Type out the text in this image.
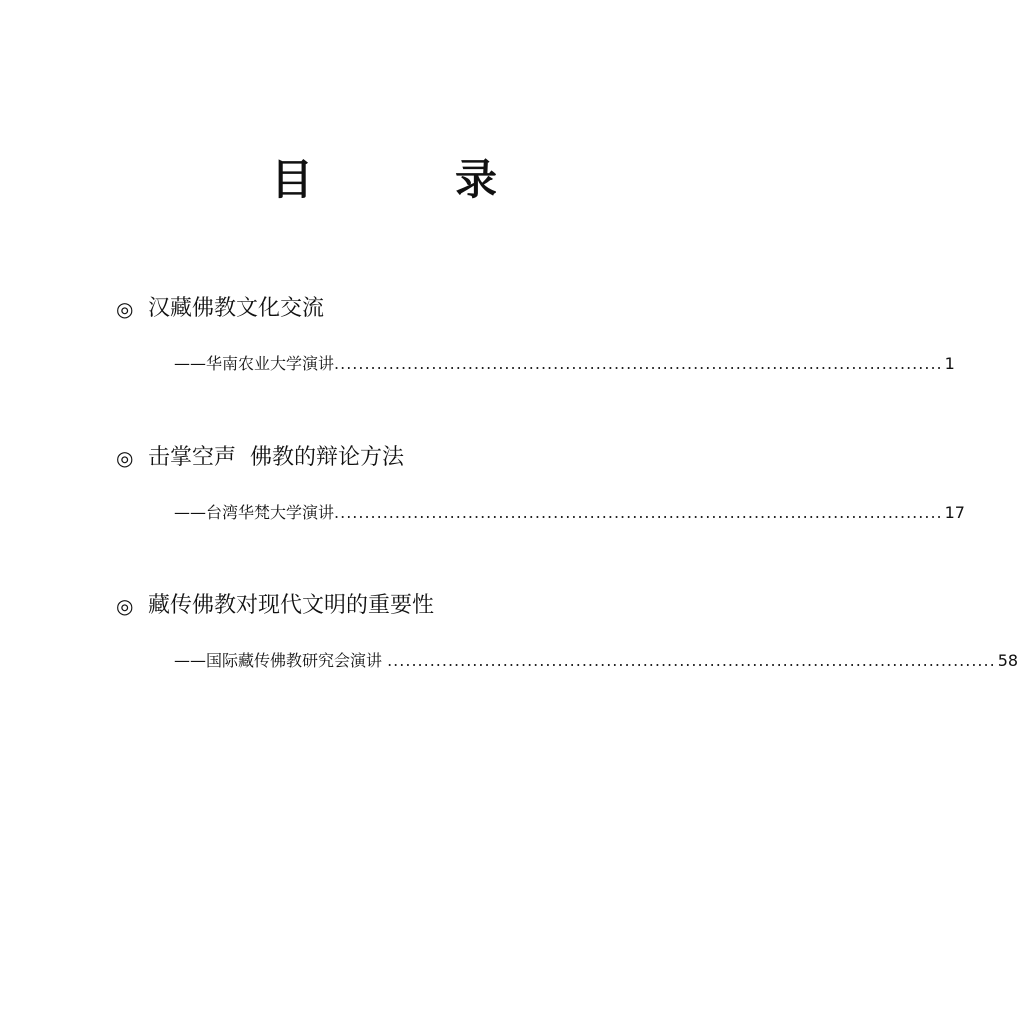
目　录
◎ 汉藏佛教文化交流
——华南农业大学演讲 .................................................................................................... 1
◎ 击掌空声  佛教的辩论方法
——台湾华梵大学演讲 .................................................................................................... 17
◎ 藏传佛教对现代文明的重要性
——国际藏传佛教研究会演讲 .................................................................................................... 58
